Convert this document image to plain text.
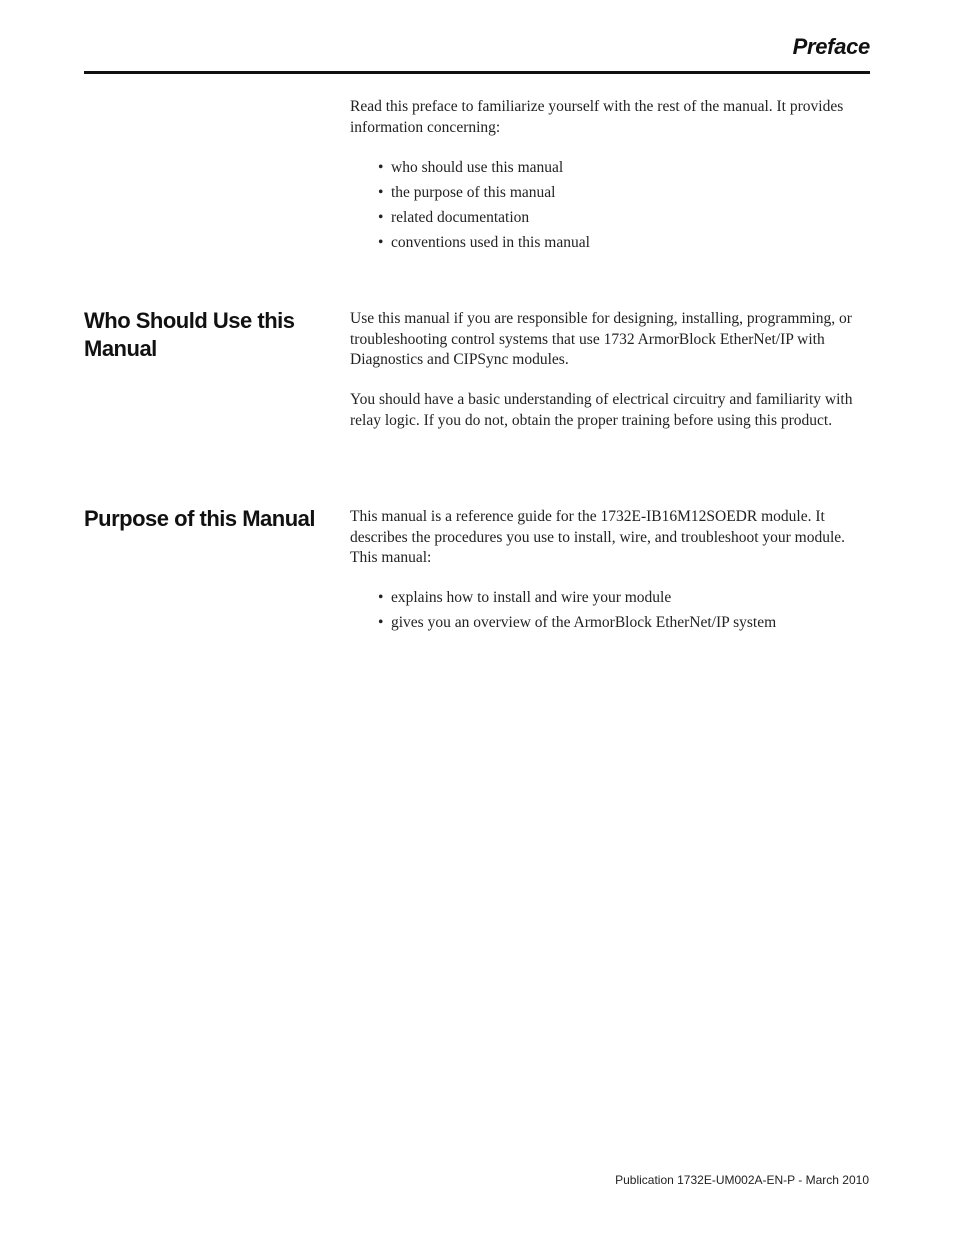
Preface

Read this preface to familiarize yourself with the rest of the manual. It provides information concerning:

• who should use this manual
• the purpose of this manual
• related documentation
• conventions used in this manual
Who Should Use this Manual

Use this manual if you are responsible for designing, installing, programming, or troubleshooting control systems that use 1732 ArmorBlock EtherNet/IP with Diagnostics and CIPSync modules.

You should have a basic understanding of electrical circuitry and familiarity with relay logic. If you do not, obtain the proper training before using this product.

Purpose of this Manual	This manual is a reference guide for the 1732E-IB16M12SOEDR module. It describes the procedures you use to install, wire, and troubleshoot your module. This manual:

• explains how to install and wire your module
• gives you an overview of the ArmorBlock EtherNet/IP system
Publication 1732E-UM002A-EN-P - March 2010
